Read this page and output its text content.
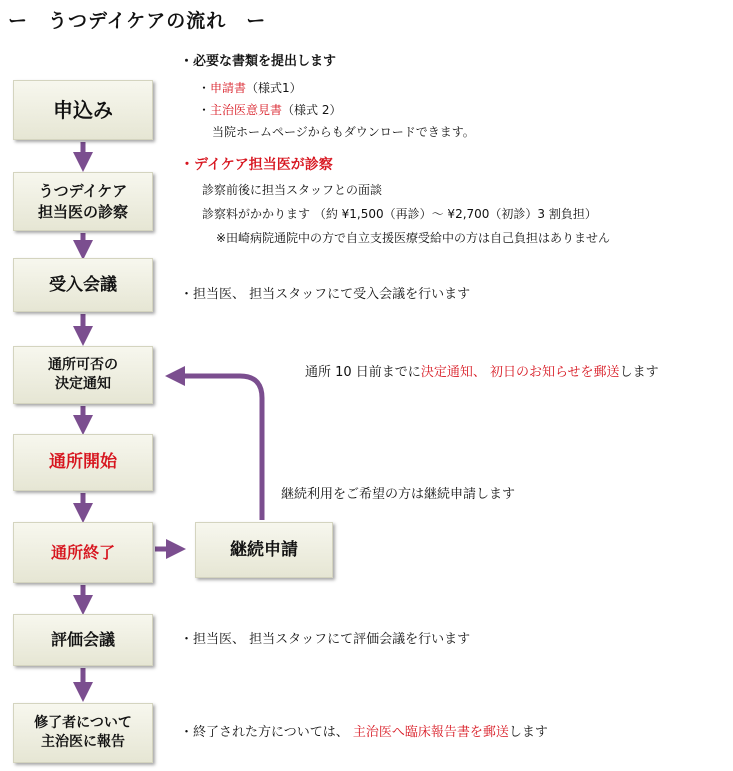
ー　うつデイケアの流れ　ー
申込み
うつデイケア
担当医の診察
受入会議
通所可否の
決定通知
通所開始
通所終了	継続申請
評価会議
修了者について
主治医に報告
・必要な書類を提出します
・申請書（様式1）
・主治医意見書（様式 2）
当院ホームページからもダウンロードできます。
・デイケア担当医が診察
診察前後に担当スタッフとの面談
診察料がかかります （約 ¥1,500（再診）～ ¥2,700（初診）3 割負担）
※田崎病院通院中の方で自立支援医療受給中の方は自己負担はありません
・担当医、 担当スタッフにて受入会議を行います
通所 10 日前までに決定通知、 初日のお知らせを郵送します
継続利用をご希望の方は継続申請します
・担当医、 担当スタッフにて評価会議を行います
・終了された方については、 主治医へ臨床報告書を郵送します
